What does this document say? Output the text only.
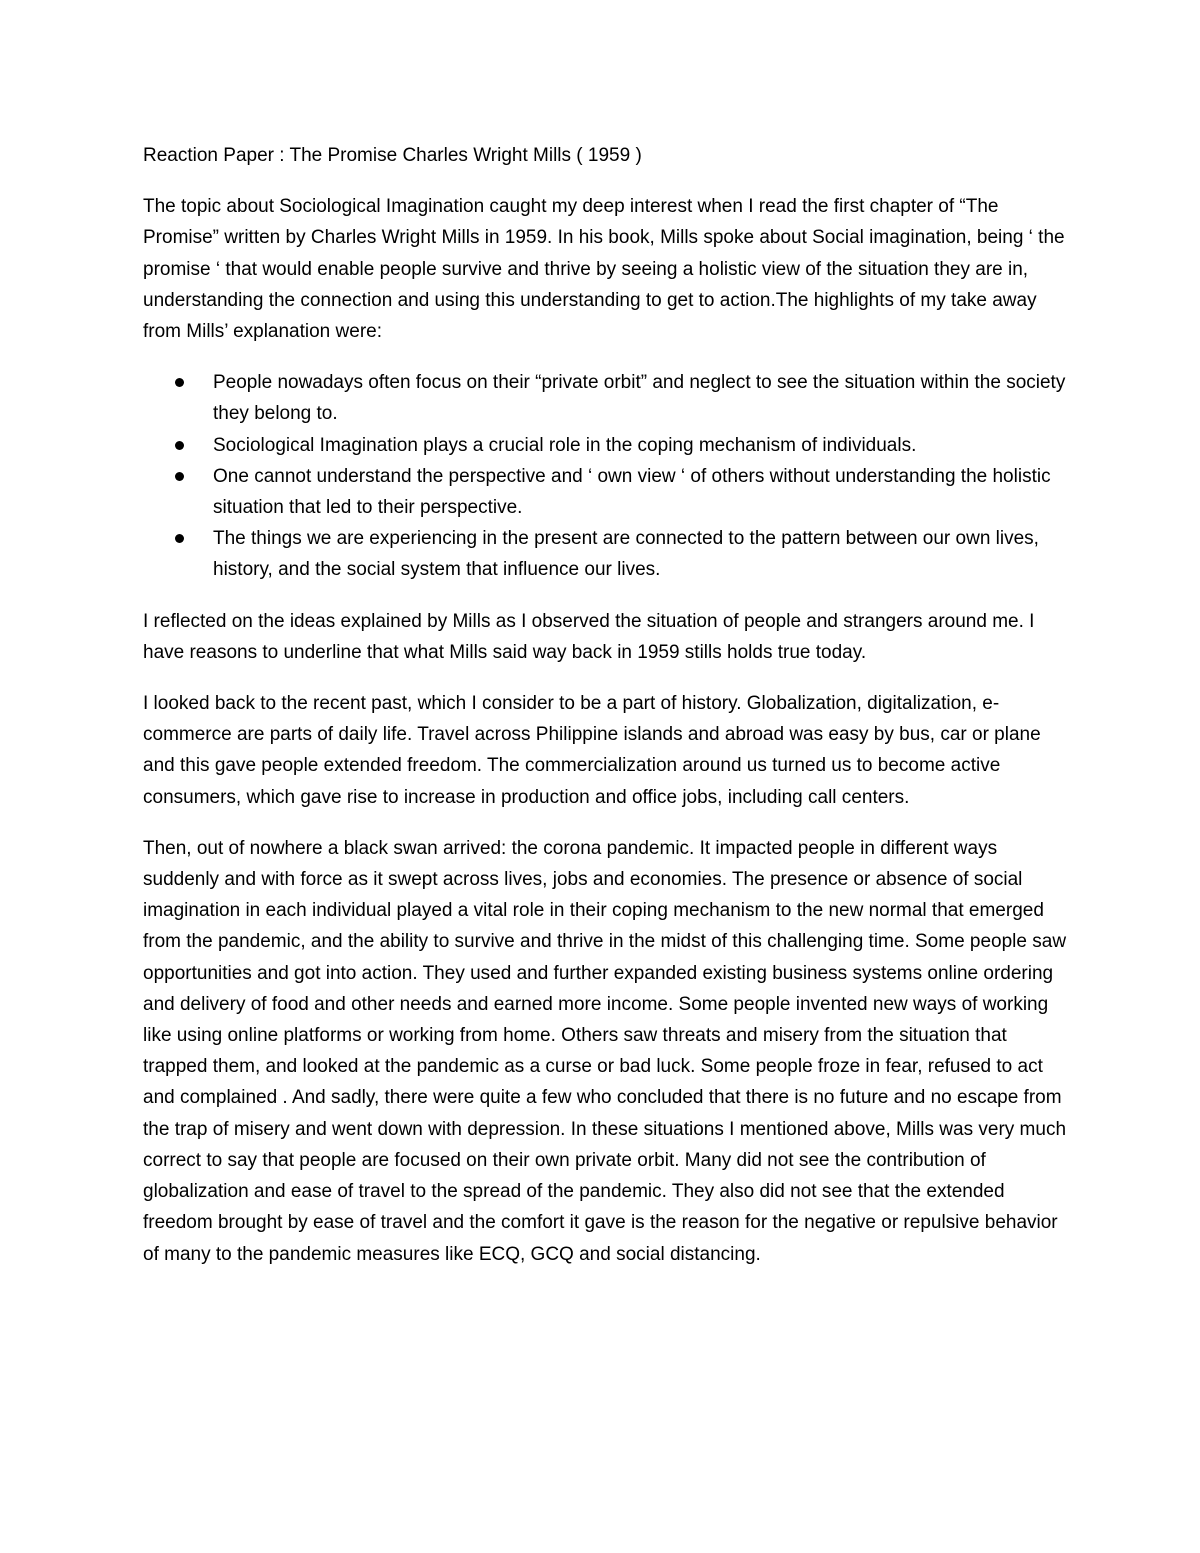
Reaction Paper : The Promise Charles Wright Mills ( 1959 )

The topic about Sociological Imagination caught my deep interest when I read the first chapter of “The Promise” written by Charles Wright Mills in 1959. In his book, Mills spoke about Social imagination, being ‘ the promise ‘ that would enable people survive and thrive by seeing a holistic view of the situation they are in, understanding the connection and using this understanding to get to action.The highlights of my take away from Mills’ explanation were:

People nowadays often focus on their “private orbit” and neglect to see the situation within the society they belong to.
Sociological Imagination plays a crucial role in the coping mechanism of individuals.
One cannot understand the perspective and ‘ own view ‘ of others without understanding the holistic situation that led to their perspective.
The things we are experiencing in the present are connected to the pattern between our own lives, history, and the social system that influence our lives.

I reflected on the ideas explained by Mills as I observed the situation of people and strangers around me. I have reasons to underline that what Mills said way back in 1959 stills holds true today.

I looked back to the recent past, which I consider to be a part of history. Globalization, digitalization, e-commerce are parts of daily life. Travel across Philippine islands and abroad was easy by bus, car or plane and this gave people extended freedom. The commercialization around us turned us to become active consumers, which gave rise to increase in production and office jobs, including call centers.

Then, out of nowhere a black swan arrived: the corona pandemic. It impacted people in different ways suddenly and with force as it swept across lives, jobs and economies. The presence or absence of social imagination in each individual played a vital role in their coping mechanism to the new normal that emerged from the pandemic, and the ability to survive and thrive in the midst of this challenging time. Some people saw opportunities and got into action. They used and further expanded existing business systems online ordering and delivery of food and other needs and earned more income. Some people invented new ways of working like using online platforms or working from home. Others saw threats and misery from the situation that trapped them, and looked at the pandemic as a curse or bad luck. Some people froze in fear, refused to act and complained . And sadly, there were quite a few who concluded that there is no future and no escape from the trap of misery and went down with depression. In these situations I mentioned above, Mills was very much correct to say that people are focused on their own private orbit. Many did not see the contribution of globalization and ease of travel to the spread of the pandemic. They also did not see that the extended freedom brought by ease of travel and the comfort it gave is the reason for the negative or repulsive behavior of many to the pandemic measures like ECQ, GCQ and social distancing.
